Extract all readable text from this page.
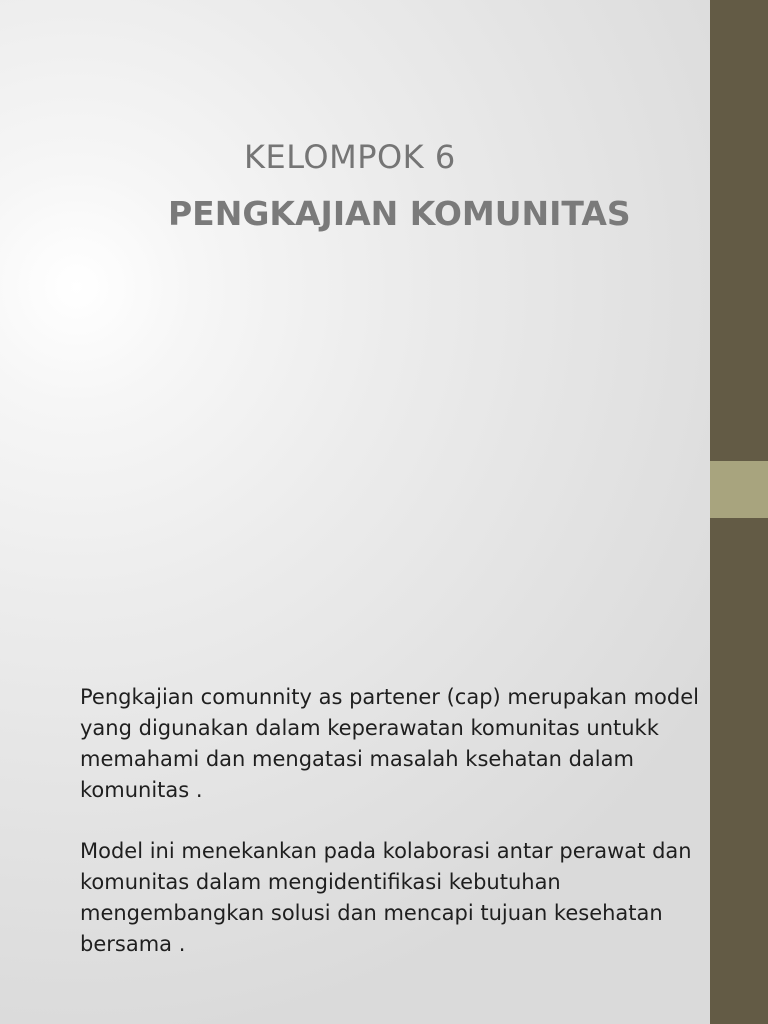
KELOMPOK 6
PENGKAJIAN KOMUNITAS

Pengkajian comunnity as partener (cap) merupakan model yang digunakan dalam keperawatan komunitas untukk memahami dan mengatasi masalah ksehatan dalam komunitas .

Model ini menekankan pada kolaborasi antar perawat dan komunitas dalam mengidentifikasi kebutuhan mengembangkan solusi dan mencapi tujuan kesehatan bersama .
